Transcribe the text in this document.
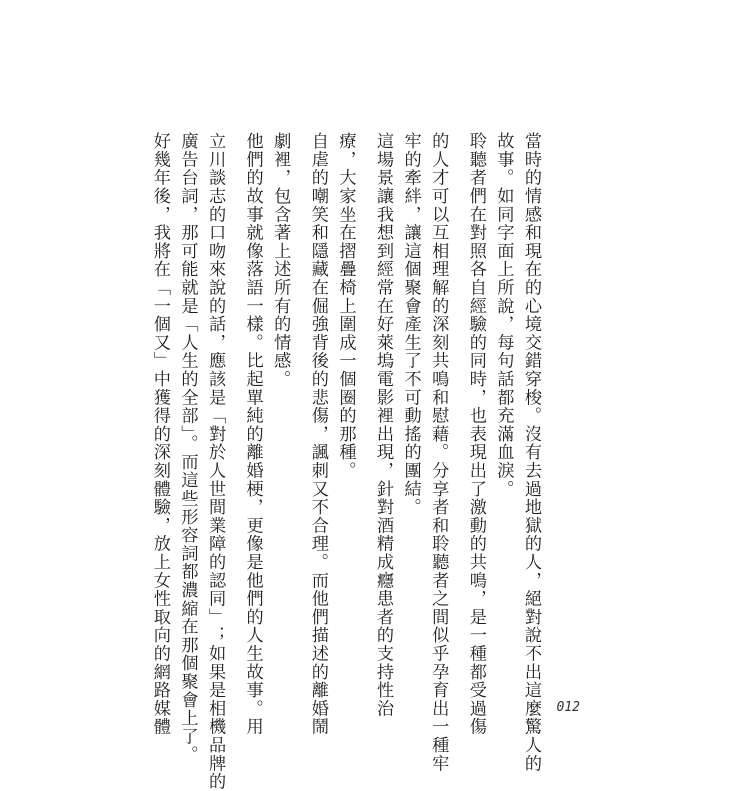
當時的情感和現在的心境交錯穿梭。沒有去過地獄的人，絕對說不出這麼驚人的

故事。如同字面上所說，每句話都充滿血淚。

聆聽者們在對照各自經驗的同時，也表現出了激動的共鳴，是一種都受過傷

的人才可以互相理解的深刻共鳴和慰藉。分享者和聆聽者之間似乎孕育出一種牢

牢的牽絆，讓這個聚會產生了不可動搖的團結。

這場景讓我想到經常在好萊塢電影裡出現，針對酒精成癮患者的支持性治

療，大家坐在摺疊椅上圍成一個圈的那種。

自虐的嘲笑和隱藏在倔強背後的悲傷，諷刺又不合理。而他們描述的離婚鬧

劇裡，包含著上述所有的情感。

他們的故事就像落語一樣。比起單純的離婚梗，更像是他們的人生故事。用

立川談志的口吻來說的話，應該是「對於人世間業障的認同」；如果是相機品牌的

廣告台詞，那可能就是「人生的全部」。而這些形容詞都濃縮在那個聚會上了。

好幾年後，我將在「一個又」中獲得的深刻體驗，放上女性取向的網路媒體	012
